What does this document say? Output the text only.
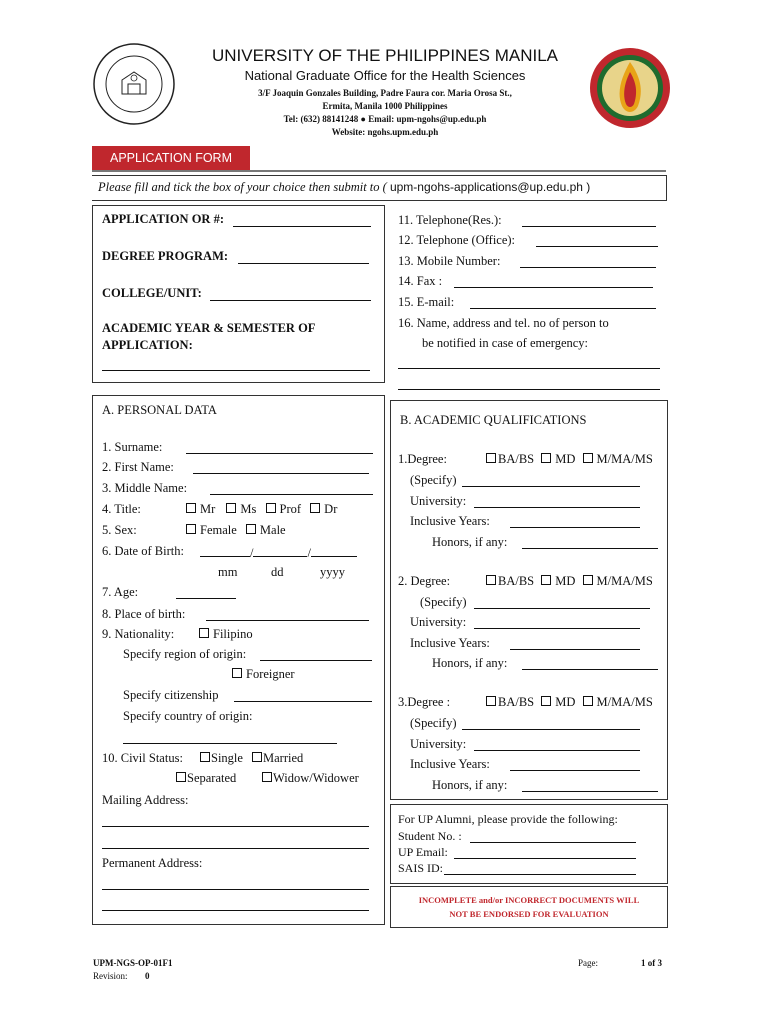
UNIVERSITY OF THE PHILIPPINES MANILA
National Graduate Office for the Health Sciences
3/F Joaquin Gonzales Building, Padre Faura cor. Maria Orosa St.,
Ermita, Manila 1000 Philippines
Tel: (632) 88141248 ● Email: upm-ngohs@up.edu.ph
Website: ngohs.upm.edu.ph
APPLICATION FORM
Please fill and tick the box of your choice then submit to ( upm-ngohs-applications@up.edu.ph )
APPLICATION OR #:
DEGREE PROGRAM:
COLLEGE/UNIT:
ACADEMIC YEAR & SEMESTER OF
APPLICATION:
11. Telephone(Res.):
12. Telephone (Office):
13. Mobile Number:
14. Fax :
15. E-mail:
16. Name, address and tel. no of person to
be notified in case of emergency:
A. PERSONAL DATA
1. Surname:
2. First Name:
3. Middle Name:
4. Title:	Mr Ms Prof Dr
5. Sex:	Female Male
6. Date of Birth:	/	/
mm	dd	yyyy
7. Age:
8. Place of birth:
9. Nationality:	Filipino
Specify region of origin:
Foreigner
Specify citizenship
Specify country of origin:
10. Civil Status:	Single	Married
Separated	Widow/Widower
Mailing Address:
Permanent Address:
B. ACADEMIC QUALIFICATIONS
1.Degree:	BA/BS MD M/MA/MS
(Specify)
University:
Inclusive Years:
Honors, if any:
2. Degree:	BA/BS MD M/MA/MS
(Specify)
University:
Inclusive Years:
Honors, if any:
3.Degree :	BA/BS MD M/MA/MS
(Specify)
University:
Inclusive Years:
Honors, if any:
For UP Alumni, please provide the following:
Student No. :
UP Email:
SAIS ID:
INCOMPLETE and/or INCORRECT DOCUMENTS WILL
NOT BE ENDORSED FOR EVALUATION
UPM-NGS-OP-01F1
Revision: 0
Page:	1 of 3
